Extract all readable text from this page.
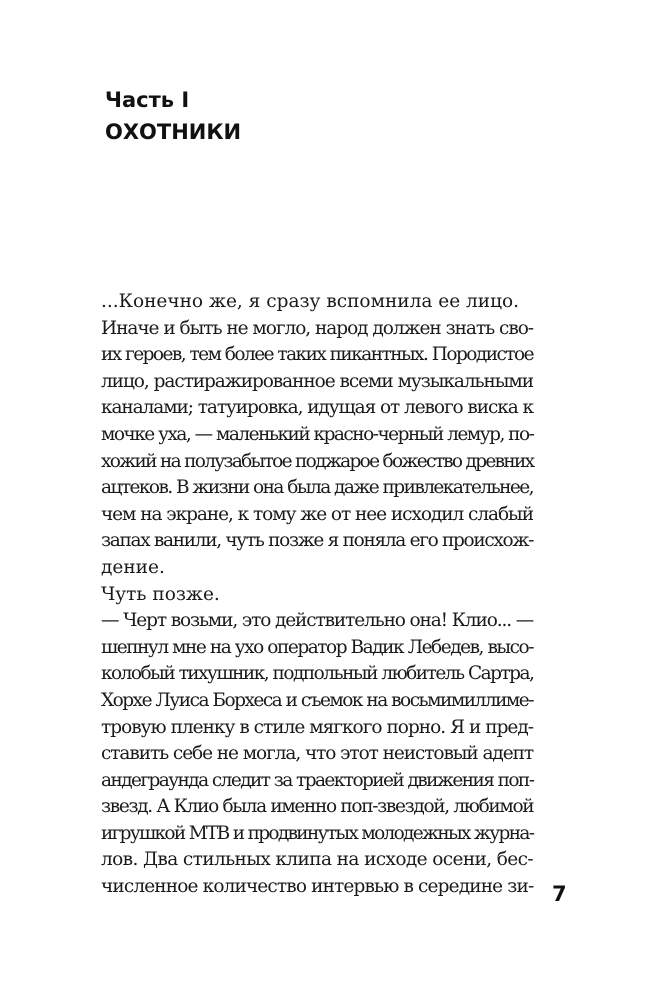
Часть I
ОХОТНИКИ
...Конечно же, я сразу вспомнила ее лицо.
Иначе и быть не могло, народ должен знать сво-
их героев, тем более таких пикантных. Породистое
лицо, растиражированное всеми музыкальными
каналами; татуировка, идущая от левого виска к
мочке уха, — маленький красно-черный лемур, по-
хожий на полузабытое поджарое божество древних
ацтеков. В жизни она была даже привлекательнее,
чем на экране, к тому же от нее исходил слабый
запах ванили, чуть позже я поняла его происхож-
дение.
Чуть позже.
— Черт возьми, это действительно она! Клио... —
шепнул мне на ухо оператор Вадик Лебедев, высо-
колобый тихушник, подпольный любитель Сартра,
Хорхе Луиса Борхеса и съемок на восьмимиллиме-
тровую пленку в стиле мягкого порно. Я и пред-
ставить себе не могла, что этот неистовый адепт
андеграунда следит за траекторией движения поп-
звезд. А Клио была именно поп-звездой, любимой
игрушкой МТВ и продвинутых молодежных журна-
лов. Два стильных клипа на исходе осени, бес-
численное количество интервью в середине зи- 7
